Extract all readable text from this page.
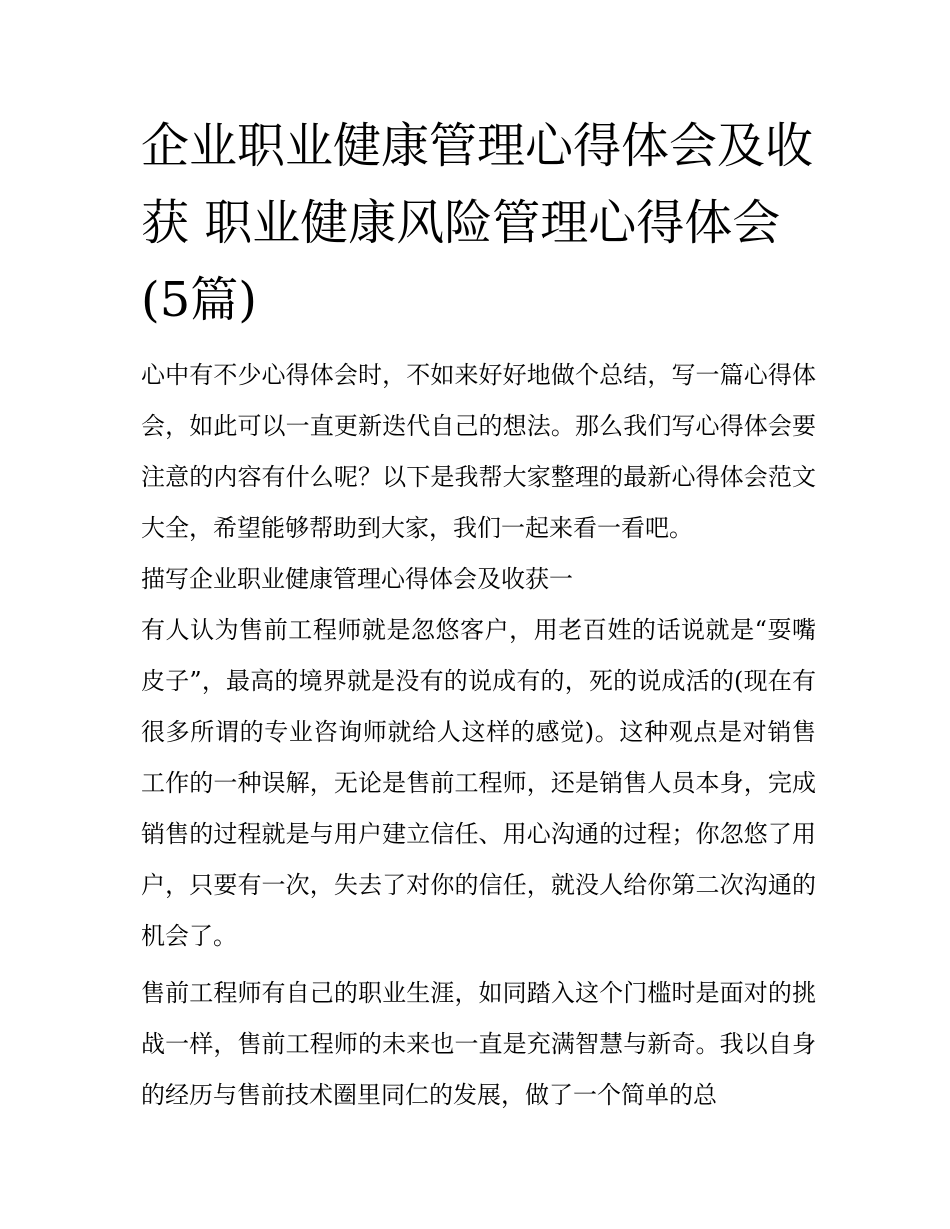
企业职业健康管理心得体会及收获 职业健康风险管理心得体会(5篇)

心中有不少心得体会时，不如来好好地做个总结，写一篇心得体会，如此可以一直更新迭代自己的想法。那么我们写心得体会要注意的内容有什么呢？以下是我帮大家整理的最新心得体会范文大全，希望能够帮助到大家，我们一起来看一看吧。

描写企业职业健康管理心得体会及收获一

有人认为售前工程师就是忽悠客户，用老百姓的话说就是“耍嘴皮子”，最高的境界就是没有的说成有的，死的说成活的(现在有很多所谓的专业咨询师就给人这样的感觉)。这种观点是对销售工作的一种误解，无论是售前工程师，还是销售人员本身，完成销售的过程就是与用户建立信任、用心沟通的过程；你忽悠了用户，只要有一次，失去了对你的信任，就没人给你第二次沟通的机会了。

售前工程师有自己的职业生涯，如同踏入这个门槛时是面对的挑战一样，售前工程师的未来也一直是充满智慧与新奇。我以自身的经历与售前技术圈里同仁的发展，做了一个简单的总
